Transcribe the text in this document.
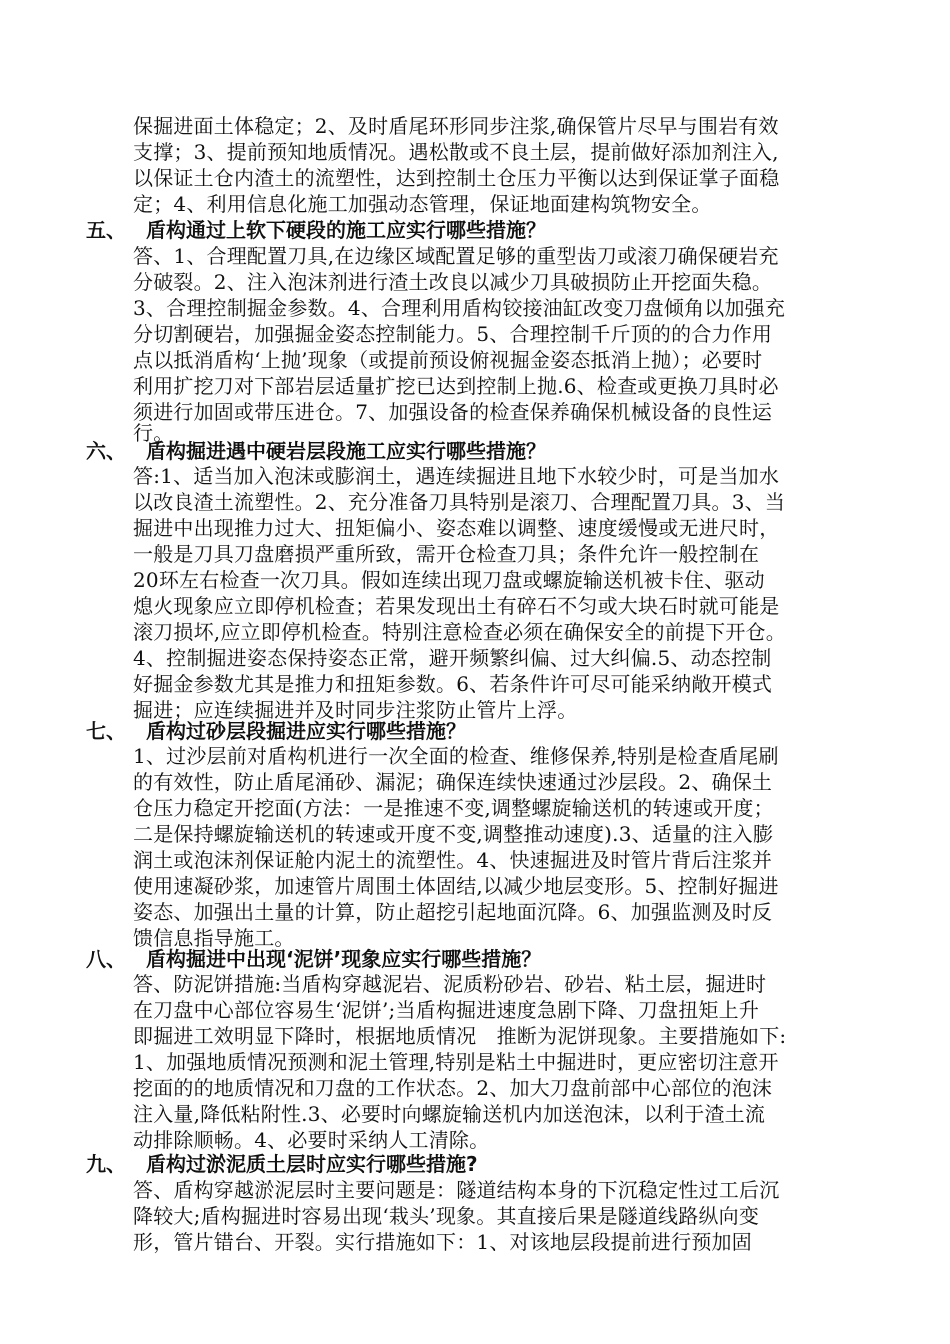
保掘进面土体稳定；2、及时盾尾环形同步注浆,确保管片尽早与围岩有效
支撑；3、提前预知地质情况。遇松散或不良土层，提前做好添加剂注入,
以保证土仓内渣土的流塑性，达到控制土仓压力平衡以达到保证掌子面稳
定；4、利用信息化施工加强动态管理，保证地面建构筑物安全。
五、 盾构通过上软下硬段的施工应实行哪些措施？
答、1、合理配置刀具,在边缘区域配置足够的重型齿刀或滚刀确保硬岩充
分破裂。2、注入泡沫剂进行渣土改良以减少刀具破损防止开挖面失稳。
3、合理控制掘金参数。4、合理利用盾构铰接油缸改变刀盘倾角以加强充
分切割硬岩，加强掘金姿态控制能力。5、合理控制千斤顶的的合力作用
点以抵消盾构‘上抛’现象（或提前预设俯视掘金姿态抵消上抛）；必要时
利用扩挖刀对下部岩层适量扩挖已达到控制上抛.6、检查或更换刀具时必
须进行加固或带压进仓。7、加强设备的检查保养确保机械设备的良性运
行。
六、 盾构掘进遇中硬岩层段施工应实行哪些措施？
答:1、适当加入泡沫或膨润土，遇连续掘进且地下水较少时，可是当加水
以改良渣土流塑性。2、充分准备刀具特别是滚刀、合理配置刀具。3、当
掘进中出现推力过大、扭矩偏小、姿态难以调整、速度缓慢或无进尺时，
一般是刀具刀盘磨损严重所致，需开仓检查刀具；条件允许一般控制在
20环左右检查一次刀具。假如连续出现刀盘或螺旋输送机被卡住、驱动
熄火现象应立即停机检查；若果发现出土有碎石不匀或大块石时就可能是
滚刀损坏,应立即停机检查。特别注意检查必须在确保安全的前提下开仓。
4、控制掘进姿态保持姿态正常，避开频繁纠偏、过大纠偏.5、动态控制
好掘金参数尤其是推力和扭矩参数。6、若条件许可尽可能采纳敞开模式
掘进；应连续掘进并及时同步注浆防止管片上浮。
七、 盾构过砂层段掘进应实行哪些措施？
1、过沙层前对盾构机进行一次全面的检查、维修保养,特别是检查盾尾刷
的有效性，防止盾尾涌砂、漏泥；确保连续快速通过沙层段。2、确保土
仓压力稳定开挖面(方法：一是推速不变,调整螺旋输送机的转速或开度；
二是保持螺旋输送机的转速或开度不变,调整推动速度).3、适量的注入膨
润土或泡沫剂保证舱内泥土的流塑性。4、快速掘进及时管片背后注浆并
使用速凝砂浆，加速管片周围土体固结,以减少地层变形。5、控制好掘进
姿态、加强出土量的计算，防止超挖引起地面沉降。6、加强监测及时反
馈信息指导施工。
八、 盾构掘进中出现‘泥饼’现象应实行哪些措施？
答、防泥饼措施:当盾构穿越泥岩、泥质粉砂岩、砂岩、粘土层，掘进时
在刀盘中心部位容易生‘泥饼’;当盾构掘进速度急剧下降、刀盘扭矩上升
即掘进工效明显下降时，根据地质情况　推断为泥饼现象。主要措施如下:
1、加强地质情况预测和泥土管理,特别是粘土中掘进时，更应密切注意开
挖面的的地质情况和刀盘的工作状态。2、加大刀盘前部中心部位的泡沫
注入量,降低粘附性.3、必要时向螺旋输送机内加送泡沫，以利于渣土流
动排除顺畅。4、必要时采纳人工清除。
九、 盾构过淤泥质土层时应实行哪些措施?
答、盾构穿越淤泥层时主要问题是：隧道结构本身的下沉稳定性过工后沉
降较大;盾构掘进时容易出现‘栽头’现象。其直接后果是隧道线路纵向变
形，管片错台、开裂。实行措施如下：1、对该地层段提前进行预加固
